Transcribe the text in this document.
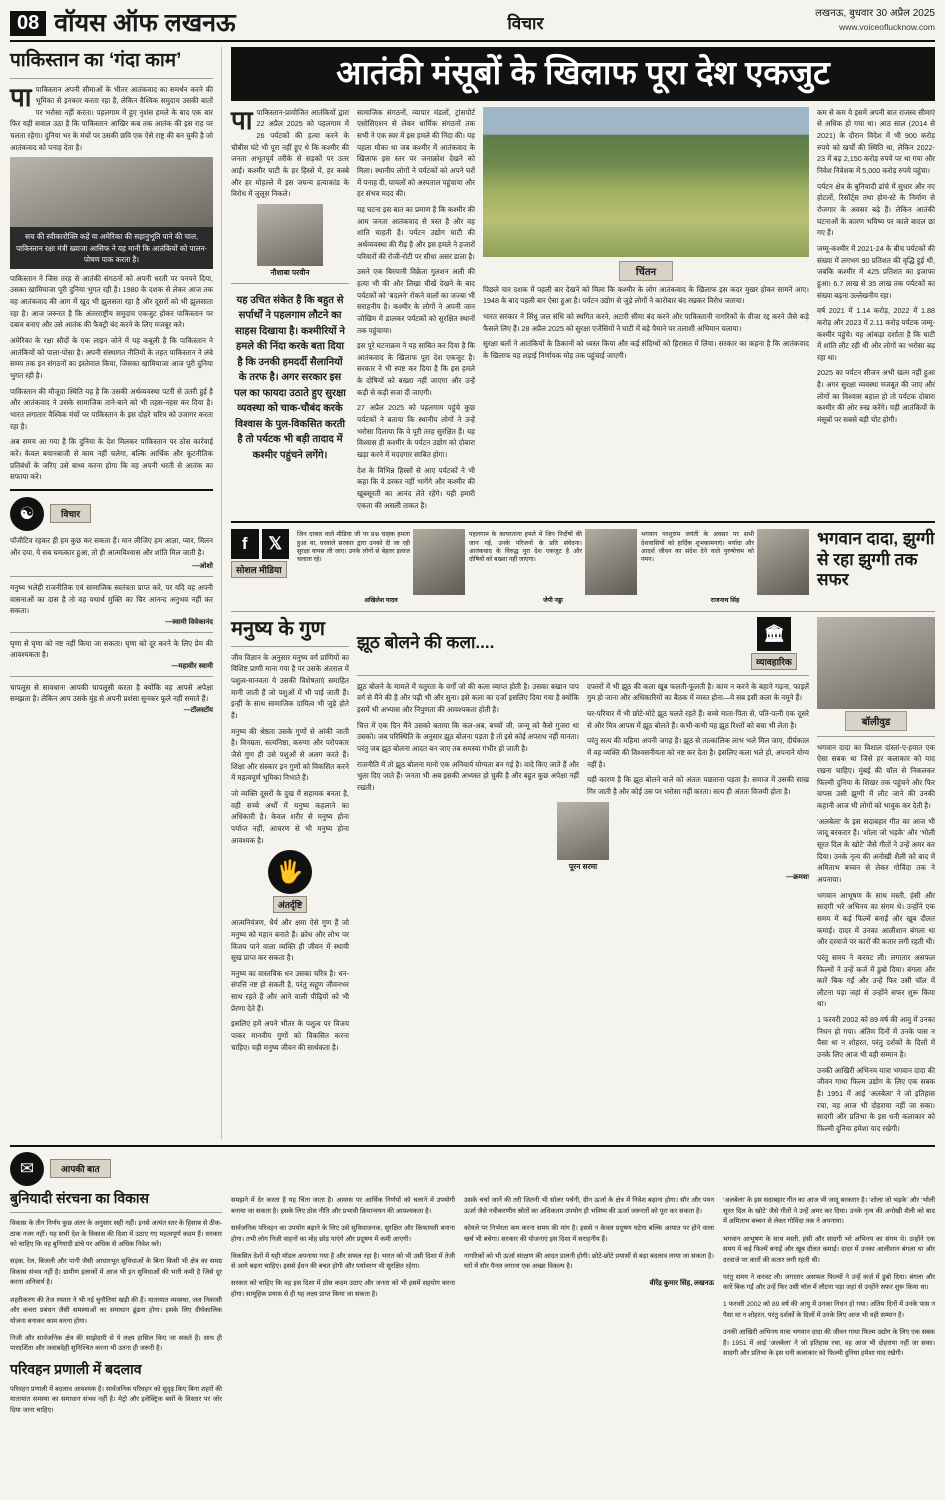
08 वॉयस ऑफ लखनऊ	विचार
लखनऊ, बुधवार 30 अप्रैल 2025
www.voiceoflucknow.com
पाकिस्तान का ‘गंदा काम’

पापाकिस्तान अपनी सीमाओं के भीतर आतंकवाद का समर्थन करने की भूमिका से इनकार करता रहा है, लेकिन वैश्विक समुदाय उसकी बातों पर भरोसा नहीं करता। पहलगाम में हुए नृशंस हमले के बाद एक बार फिर यही सवाल उठा है कि पाकिस्तान आखिर कब तक आतंक की इस राह पर चलता रहेगा। दुनिया भर के मंचों पर उसकी छवि एक ऐसे राष्ट्र की बन चुकी है जो आतंकवाद को पनाह देता है।

सच की स्वीकारोक्ति कहें या अमेरिका की सहानुभूति पाने की चाल, पाकिस्तान रक्षा मंत्री ख्वाजा आसिफ ने यह मानी कि आतंकियों को पालन-पोषण पाक करता है।

पाकिस्तान ने जिस तरह से आतंकी संगठनों को अपनी धरती पर पनपने दिया, उसका खामियाजा पूरी दुनिया भुगत रही है। 1980 के दशक से लेकर आज तक वह आतंकवाद की आग में खुद भी झुलसता रहा है और दूसरों को भी झुलसाता रहा है। आज जरूरत है कि अंतरराष्ट्रीय समुदाय एकजुट होकर पाकिस्तान पर दबाव बनाए और उसे आतंक की फैक्ट्री बंद करने के लिए मजबूर करे।

अमेरिका के रक्षा सौदों के एक लाइन जोने में यह कबूली है कि पाकिस्तान ने आतंकियों को पाला-पोसा है। अपनी संस्थागत नीतियों के तहत पाकिस्तान ने लंबे समय तक इन संगठनों का इस्तेमाल किया, जिसका खामियाजा आज पूरी दुनिया भुगत रही है।

पाकिस्तान की मौजूदा स्थिति यह है कि उसकी अर्थव्यवस्था पटरी से उतरी हुई है और आतंकवाद ने उसके सामाजिक ताने-बाने को भी तहस-नहस कर दिया है। भारत लगातार वैश्विक मंचों पर पाकिस्तान के इस दोहरे चरित्र को उजागर करता रहा है।

अब समय आ गया है कि दुनिया के देश मिलकर पाकिस्तान पर ठोस कार्रवाई करें। केवल बयानबाजी से काम नहीं चलेगा, बल्कि आर्थिक और कूटनीतिक प्रतिबंधों के जरिए उसे बाध्य करना होगा कि वह अपनी धरती से आतंक का सफाया करे।

☯	विचार

पाॅजीटिव रहकर ही हम कुछ कर सकता हैं। मान लीजिए हम आज्ञा, प्यार, मिलन और दया, ये सब चमत्कार हुआ, तो ही आत्मविश्वास और शांति मिल जाती है।

—ओशो
मनुष्य भलेही राजनीतिक एवं सामाजिक स्वतंत्रता प्राप्त करे, पर यदि वह अपनी वासनाओं का दास है तो वह यथार्थ मुक्ति का चिर आनन्द अनुभव नहीं कर सकता।
—स्वामी विवेकानंद
घृणा से घृणा को नष्ट नहीं किया जा सकता। घृणा को दूर करने के लिए प्रेम की आवश्यकता है।
—महावीर स्वामी
चापलूस से सावधान! आपकी चापलूसी करता है क्योंकि वह आपसे अपेक्षा समझता है। लेकिन आप उसके मुंह से अपनी प्रशंसा सुनकर फूले नहीं समाते हैं।
—टॉलस्टॉय
आतंकी मंसूबों के खिलाफ पूरा देश एकजुट

पापाकिस्तान-प्रायोजित आतंकियों द्वारा 22 अप्रैल 2025 को पहलगाम में 26 पर्यटकों की हत्या करने के चौबीस घंटे भी पूरा नहीं हुए थे कि कश्मीर की जनता अभूतपूर्व तरीके से सड़कों पर उतर आई। कश्मीर घाटी के हर हिस्से में, हर कस्बे और हर मोहल्ले में इस जघन्य हत्याकांड के विरोध में जुलूस निकले।

नौशाबा परवीन
यह उचित संकेत है कि बहुत से सर्पार्थों ने पहलगाम लौटने का साहस दिखाया है। कश्मीरियों ने हमले की निंदा करके बता दिया है कि उनकी हमदर्दी सैलानियों के तरफ है। अगर सरकार इस पल का फायदा उठाते हुए सुरक्षा व्यवस्था को चाक-चौबंद करके विश्वास के पुल-विकसित करती है तो पर्यटक भी बड़ी तादाद में कश्मीर पहुंचने लगेंगे।

सामाजिक संगठनों, व्यापार मंडलों, ट्रांसपोर्ट एसोसिएशन से लेकर धार्मिक संगठनों तक सभी ने एक स्वर में इस हमले की निंदा की। यह पहला मौका था जब कश्मीर में आतंकवाद के खिलाफ इस स्तर पर जनाक्रोश देखने को मिला। स्थानीय लोगों ने पर्यटकों को अपने घरों में पनाह दी, घायलों को अस्पताल पहुंचाया और हर संभव मदद की।

यह घटना इस बात का प्रमाण है कि कश्मीर की आम जनता आतंकवाद से त्रस्त है और वह शांति चाहती है। पर्यटन उद्योग घाटी की अर्थव्यवस्था की रीढ़ है और इस हमले ने हजारों परिवारों की रोजी-रोटी पर सीधा असर डाला है।

उसने एक बिरयानी विक्रेता गुलशन अली की हत्या भी की और लिखा चीखें देखने के बाद पर्यटकों को ‘बदलने’ रोकने वालों का जज्बा भी सराहनीय है। कश्मीर के लोगों ने अपनी जान जोखिम में डालकर पर्यटकों को सुरक्षित स्थानों तक पहुंचाया।

इस पूरे घटनाक्रम ने यह साबित कर दिया है कि आतंकवाद के खिलाफ पूरा देश एकजुट है। सरकार ने भी स्पष्ट कर दिया है कि इस हमले के दोषियों को बख्शा नहीं जाएगा और उन्हें कड़ी से कड़ी सजा दी जाएगी।

27 अप्रैल 2025 को पहलगाम पहुंचे कुछ पर्यटकों ने बताया कि स्थानीय लोगों ने उन्हें भरोसा दिलाया कि वे पूरी तरह सुरक्षित हैं। यह विश्वास ही कश्मीर के पर्यटन उद्योग को दोबारा खड़ा करने में मददगार साबित होगा।

देश के विभिन्न हिस्सों से आए पर्यटकों ने भी कहा कि वे डरकर नहीं भागेंगे और कश्मीर की खूबसूरती का आनंद लेते रहेंगे। यही हमारी एकता की असली ताकत है।

चिंतन

पिछले चार दशक में पहली बार देखने को मिला कि कश्मीर के लोग आतंकवाद के खिलाफ इस कदर मुखर होकर सामने आए। 1948 के बाद पहली बार ऐसा हुआ है। पर्यटन उद्योग से जुड़े लोगों ने कारोबार बंद रखकर विरोध जताया।

भारत सरकार ने सिंधु जल संधि को स्थगित करने, अटारी सीमा बंद करने और पाकिस्तानी नागरिकों के वीजा रद्द करने जैसे कड़े फैसले लिए हैं। 28 अप्रैल 2025 को सुरक्षा एजेंसियों ने घाटी में बड़े पैमाने पर तलाशी अभियान चलाया।

सुरक्षा बलों ने आतंकियों के ठिकानों को ध्वस्त किया और कई संदिग्धों को हिरासत में लिया। सरकार का कहना है कि आतंकवाद के खिलाफ यह लड़ाई निर्णायक मोड़ तक पहुंचाई जाएगी।

कम से कम ये इसमें अपनी बात राजस्व सीमाएं से अधिक हो गया था। आठ साल (2014 से 2021) के दौरान विदेश में भी 900 करोड़ रुपये को खर्चों की स्थिति था, लेकिन 2022-23 में बढ़ 2,150 करोड़ रुपये पर था गया और निवेश निवेशक में 5,000 करोड़ रुपये पहुंचा।

पर्यटन क्षेत्र के बुनियादी ढांचे में सुधार और नए होटलों, रिसॉर्ट्स तथा होम-स्टे के निर्माण से रोजगार के अवसर बढ़े हैं। लेकिन आतंकी घटनाओं के कारण भविष्य पर काले बादल छा गए हैं।

जम्मू-कश्मीर में 2021-24 के बीच पर्यटकों की संख्या में लगभग 90 प्रतिशत की वृद्धि हुई थी, जबकि कश्मीर में 425 प्रतिशत का इजाफा हुआ। 6.7 लाख से 35 लाख तक पर्यटकों का संख्या बढ़ना उल्लेखनीय रहा।

वर्ष 2021 में 1.14 करोड़, 2022 में 1.88 करोड़ और 2023 में 2.11 करोड़ पर्यटक जम्मू-कश्मीर पहुंचे। यह आंकड़ा दर्शाता है कि घाटी में शांति लौट रही थी और लोगों का भरोसा बढ़ रहा था।

2025 का पर्यटन सीजन अभी खत्म नहीं हुआ है। अगर सुरक्षा व्यवस्था मजबूत की जाए और लोगों का विश्वास बहाल हो तो पर्यटक दोबारा कश्मीर की ओर रुख करेंगे। यही आतंकियों के मंसूबों पर सबसे बड़ी चोट होगी।

f	𝕏
सोशल मीडिया
जिन दरबार वाले मीडिया जी पर प्रश्न चाहक हमला हुआ था, घरवाले सरकार द्वारा उनको दी जा रही सुरक्षा वापस ली जाए। उनके लोगों से बेहतर इलाज चलाता रहे।
अखिलेश यादव
पहलगाम के कायरताना हमले में जिन निर्दोषों की जान गई, उनके परिजनों के प्रति संवेदना। आतंकवाद के विरुद्ध पूरा देश एकजुट है और दोषियों को बख्शा नहीं जाएगा।
जेपी नड्डा
भगवान परशुराम जयंती के अवसर पर सभी देशवासियों को हार्दिक शुभकामनाएं। मर्यादा और आदर्श जीवन का संदेश देने वाले पुरुषोत्तम को नमन।
राजनाथ सिंह
भगवान दादा, झुग्गी से रहा झुग्गी तक सफर
मनुष्य के गुण

जीव विज्ञान के अनुसार मनुष्य वर्ग प्राणियों का विशिष्ट प्राणी माना गया है पर उसके अंतराल में पशुत्व-मानवता ये उसकी विशेषताएं समाहित मानी जाती हैं जो पशुओं में भी पाई जाती हैं। इन्हीं के साथ सामाजिक दायित्व भी जुड़े होते हैं।

मनुष्य की श्रेष्ठता उसके गुणों से आंकी जाती है। विनम्रता, सत्यनिष्ठा, करुणा और परोपकार जैसे गुण ही उसे पशुओं से अलग करते हैं। शिक्षा और संस्कार इन गुणों को विकसित करने में महत्वपूर्ण भूमिका निभाते हैं।

जो व्यक्ति दूसरों के दुख में सहायक बनता है, वही सच्चे अर्थों में मनुष्य कहलाने का अधिकारी है। केवल शरीर से मनुष्य होना पर्याप्त नहीं, आचरण से भी मनुष्य होना आवश्यक है।

🖐
अंतर्दृष्टि

आत्मनियंत्रण, धैर्य और क्षमा ऐसे गुण हैं जो मनुष्य को महान बनाते हैं। क्रोध और लोभ पर विजय पाने वाला व्यक्ति ही जीवन में स्थायी सुख प्राप्त कर सकता है।

मनुष्य का वास्तविक धन उसका चरित्र है। धन-संपत्ति नष्ट हो सकती है, परंतु सद्गुण जीवनभर साथ रहते हैं और आने वाली पीढ़ियों को भी प्रेरणा देते हैं।

इसलिए हमें अपने भीतर के पशुत्व पर विजय पाकर मानवीय गुणों को विकसित करना चाहिए। यही मनुष्य जीवन की सार्थकता है।

झूठ बोलने की कला....	🏛
व्यावहारिक

झूठ बोलने के मामले में चतुरता के वर्गों जो की कला व्याप्त होती है। उसका बखान पाप वर्ग से मैंने की है और पढ़ी भी और सुना। इसे कला का दर्जा इसलिए दिया गया है क्योंकि इसमें भी अभ्यास और निपुणता की आवश्यकता होती है।

चित्त में एक दिन मैंने उसको बताया कि कल-अब, बच्चों जी, जन्मू को कैसे गुजरा था उसको। जब परिस्थिति के अनुसार झूठ बोलना पड़ता है तो इसे कोई अपराध नहीं मानता। परंतु जब झूठ बोलना आदत बन जाए तब समस्या गंभीर हो जाती है।

राजनीति में तो झूठ बोलना मानो एक अनिवार्य योग्यता बन गई है। वादे किए जाते हैं और भुला दिए जाते हैं। जनता भी अब इसकी अभ्यस्त हो चुकी है और बहुत कुछ अपेक्षा नहीं रखती।

दफ्तरों में भी झूठ की कला खूब फलती-फूलती है। काम न करने के बहाने गढ़ना, फाइलें गुम हो जाना और अधिकारियों का बैठक में व्यस्त होना—ये सब इसी कला के नमूने हैं।

घर-परिवार में भी छोटे-मोटे झूठ चलते रहते हैं। बच्चे माता-पिता से, पति-पत्नी एक दूसरे से और मित्र आपस में झूठ बोलते हैं। कभी-कभी यह झूठ रिश्तों को बचा भी लेता है।

परंतु सत्य की महिमा अपनी जगह है। झूठ से तात्कालिक लाभ भले मिल जाए, दीर्घकाल में वह व्यक्ति की विश्वसनीयता को नष्ट कर देता है। इसलिए कला भले हो, अपनाने योग्य नहीं है।

यही कारण है कि झूठ बोलने वाले को अंततः पछताना पड़ता है। समाज में उसकी साख गिर जाती है और कोई उस पर भरोसा नहीं करता। सत्य ही अंततः विजयी होता है।

पूरन सरमा
—क्रमशः
बॉलीवुड

भगवान दादा का विशाल दांस्तां-ए-हयात एक ऐसा सबक था जिसे हर कलाकार को याद रखना चाहिए। मुंबई की चॉल से निकलकर फिल्मी दुनिया के शिखर तक पहुंचने और फिर वापस उसी झुग्गी में लौट जाने की उनकी कहानी आज भी लोगों को भावुक कर देती है।

‘अलबेला’ के इस सदाबहार गीत का आज भी जादू बरकरार है। ‘शोला जो भड़के’ और ‘भोली सूरत दिल के खोटे’ जैसे गीतों ने उन्हें अमर कर दिया। उनके नृत्य की अनोखी शैली को बाद में अमिताभ बच्चन से लेकर गोविंदा तक ने अपनाया।

भगवान आभूषण के साथ मस्ती, हंसी और सादगी भरे अभिनय का संगम थे। उन्होंने एक समय में कई फिल्में बनाईं और खूब दौलत कमाई। दादर में उनका आलीशान बंगला था और दरवाजे पर कारों की कतार लगी रहती थी।

परंतु समय ने करवट ली। लगातार असफल फिल्मों ने उन्हें कर्ज में डुबो दिया। बंगला और कारें बिक गईं और उन्हें फिर उसी चॉल में लौटना पड़ा जहां से उन्होंने सफर शुरू किया था।

1 फरवरी 2002 को 89 वर्ष की आयु में उनका निधन हो गया। अंतिम दिनों में उनके पास न पैसा था न शोहरत, परंतु दर्शकों के दिलों में उनके लिए आज भी वही सम्मान है।

उनकी आखिरी अभिनय यात्रा भगवान दादा की जीवन गाथा फिल्म उद्योग के लिए एक सबक है। 1951 में आई ‘अलबेला’ ने जो इतिहास रचा, वह आज भी दोहराया नहीं जा सका। सादगी और प्रतिभा के इस धनी कलाकार को फिल्मी दुनिया हमेशा याद रखेगी।

✉	आपकी बात
बुनियादी संरचना का विकास

विकास के तीन निर्णय कुछ अंतर के अनुसार सही नहीं। इनसे अत्यंत स्तर के हिसाब से ठीक-ठाक नजर नहीं। यह सभी देश के विकास की दिशा में उठाए गए महत्वपूर्ण कदम हैं। सरकार को चाहिए कि वह बुनियादी ढांचे पर अधिक से अधिक निवेश करे।

सड़क, रेल, बिजली और पानी जैसी आधारभूत सुविधाओं के बिना किसी भी क्षेत्र का समग्र विकास संभव नहीं है। ग्रामीण इलाकों में आज भी इन सुविधाओं की भारी कमी है जिसे दूर करना अनिवार्य है।

शहरीकरण की तेज रफ्तार ने भी नई चुनौतियां खड़ी की हैं। यातायात व्यवस्था, जल निकासी और कचरा प्रबंधन जैसी समस्याओं का समाधान ढूंढना होगा। इसके लिए दीर्घकालिक योजना बनाकर काम करना होगा।

निजी और सार्वजनिक क्षेत्र की साझेदारी से ये लक्ष्य हासिल किए जा सकते हैं। साथ ही पारदर्शिता और जवाबदेही सुनिश्चित करना भी उतना ही जरूरी है।

परिवहन प्रणाली में बदलाव

परिवहन प्रणाली में बदलाव आवश्यक है। सार्वजनिक परिवहन को सुदृढ़ किए बिना शहरों की यातायात समस्या का समाधान संभव नहीं है। मेट्रो और इलेक्ट्रिक बसों के विस्तार पर जोर दिया जाना चाहिए।

समझने में देर करता है यह चिंता जाता है। आवास पर आर्थिक निर्णयों को चलाने में उपयोगी बनाया जा सकता है। इसके लिए ठोस नीति और प्रभावी क्रियान्वयन की आवश्यकता है।

सार्वजनिक परिवहन का उपयोग बढ़ाने के लिए उसे सुविधाजनक, सुरक्षित और किफायती बनाना होगा। तभी लोग निजी वाहनों का मोह छोड़ पाएंगे और प्रदूषण में कमी आएगी।

विकसित देशों में यही मॉडल अपनाया गया है और सफल रहा है। भारत को भी उसी दिशा में तेजी से आगे बढ़ना चाहिए। इससे ईंधन की बचत होगी और पर्यावरण भी सुरक्षित रहेगा।

सरकार को चाहिए कि वह इस दिशा में ठोस कदम उठाए और जनता को भी इसमें सहयोग करना होगा। सामूहिक प्रयास से ही यह लक्ष्य प्राप्त किया जा सकता है।

उसके चर्चा जानें की तरी जितनी भी सोलर पर्चनी, ग्रीन ऊर्जा के क्षेत्र में निवेश बढ़ाना होगा। सौर और पवन ऊर्जा जैसे नवीकरणीय स्रोतों का अधिकतम उपयोग ही भविष्य की ऊर्जा जरूरतों को पूरा कर सकता है।

कोयले पर निर्भरता कम करना समय की मांग है। इससे न केवल प्रदूषण घटेगा बल्कि आयात पर होने वाला खर्च भी बचेगा। सरकार की योजनाएं इस दिशा में सराहनीय हैं।

नागरिकों को भी ऊर्जा संरक्षण की आदत डालनी होगी। छोटे-छोटे प्रयासों से बड़ा बदलाव लाया जा सकता है। घरों में सौर पैनल लगाना एक अच्छा विकल्प है।

वीरेंद्र कुमार सिंह, लखनऊ

‘अलबेला’ के इस सदाबहार गीत का आज भी जादू बरकरार है। ‘शोला जो भड़के’ और ‘भोली सूरत दिल के खोटे’ जैसे गीतों ने उन्हें अमर कर दिया। उनके नृत्य की अनोखी शैली को बाद में अमिताभ बच्चन से लेकर गोविंदा तक ने अपनाया।

भगवान आभूषण के साथ मस्ती, हंसी और सादगी भरे अभिनय का संगम थे। उन्होंने एक समय में कई फिल्में बनाईं और खूब दौलत कमाई। दादर में उनका आलीशान बंगला था और दरवाजे पर कारों की कतार लगी रहती थी।

परंतु समय ने करवट ली। लगातार असफल फिल्मों ने उन्हें कर्ज में डुबो दिया। बंगला और कारें बिक गईं और उन्हें फिर उसी चॉल में लौटना पड़ा जहां से उन्होंने सफर शुरू किया था।

1 फरवरी 2002 को 89 वर्ष की आयु में उनका निधन हो गया। अंतिम दिनों में उनके पास न पैसा था न शोहरत, परंतु दर्शकों के दिलों में उनके लिए आज भी वही सम्मान है।

उनकी आखिरी अभिनय यात्रा भगवान दादा की जीवन गाथा फिल्म उद्योग के लिए एक सबक है। 1951 में आई ‘अलबेला’ ने जो इतिहास रचा, वह आज भी दोहराया नहीं जा सका। सादगी और प्रतिभा के इस धनी कलाकार को फिल्मी दुनिया हमेशा याद रखेगी।
